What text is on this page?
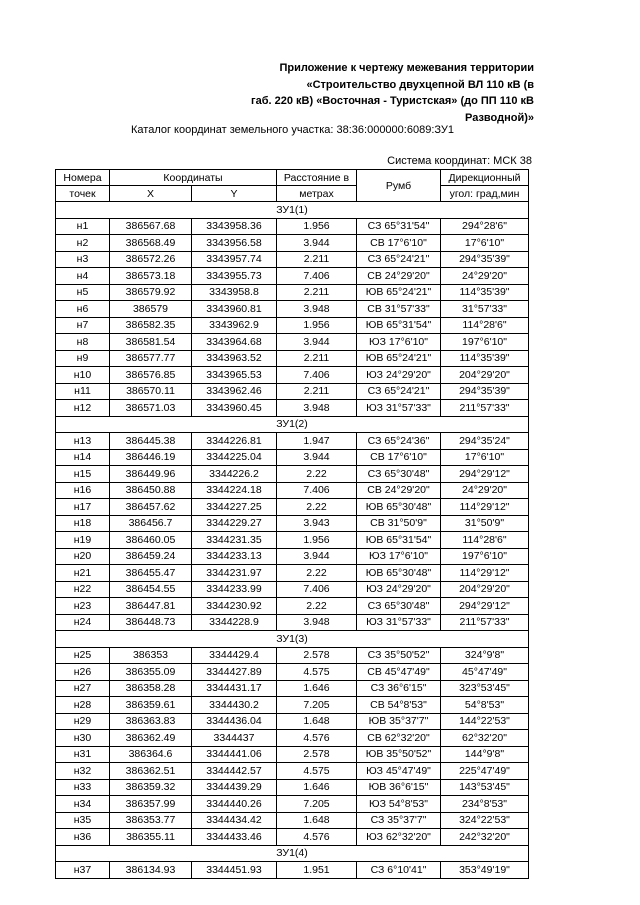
Приложение к чертежу межевания территории
«Строительство двухцепной ВЛ 110 кВ (в
габ. 220 кВ) «Восточная - Туристская» (до ПП 110 кВ
Разводной)»
Каталог координат земельного участка: 38:36:000000:6089:ЗУ1
Система координат: МСК 38
Номера	Координаты		Расстояние в	Румб	Дирекционный
точек	X	Y	метрах		угол: град,мин
ЗУ1(1)					
н1	386567.68	3343958.36	1.956	СЗ 65°31'54"	294°28'6"
н2	386568.49	3343956.58	3.944	СВ 17°6'10"	17°6'10"
н3	386572.26	3343957.74	2.211	СЗ 65°24'21"	294°35'39"
н4	386573.18	3343955.73	7.406	СВ 24°29'20"	24°29'20"
н5	386579.92	3343958.8	2.211	ЮВ 65°24'21"	114°35'39"
н6	386579	3343960.81	3.948	СВ 31°57'33"	31°57'33"
н7	386582.35	3343962.9	1.956	ЮВ 65°31'54"	114°28'6"
н8	386581.54	3343964.68	3.944	ЮЗ 17°6'10"	197°6'10"
н9	386577.77	3343963.52	2.211	ЮВ 65°24'21"	114°35'39"
н10	386576.85	3343965.53	7.406	ЮЗ 24°29'20"	204°29'20"
н11	386570.11	3343962.46	2.211	СЗ 65°24'21"	294°35'39"
н12	386571.03	3343960.45	3.948	ЮЗ 31°57'33"	211°57'33"
ЗУ1(2)					
н13	386445.38	3344226.81	1.947	СЗ 65°24'36"	294°35'24"
н14	386446.19	3344225.04	3.944	СВ 17°6'10"	17°6'10"
н15	386449.96	3344226.2	2.22	СЗ 65°30'48"	294°29'12"
н16	386450.88	3344224.18	7.406	СВ 24°29'20"	24°29'20"
н17	386457.62	3344227.25	2.22	ЮВ 65°30'48"	114°29'12"
н18	386456.7	3344229.27	3.943	СВ 31°50'9"	31°50'9"
н19	386460.05	3344231.35	1.956	ЮВ 65°31'54"	114°28'6"
н20	386459.24	3344233.13	3.944	ЮЗ 17°6'10"	197°6'10"
н21	386455.47	3344231.97	2.22	ЮВ 65°30'48"	114°29'12"
н22	386454.55	3344233.99	7.406	ЮЗ 24°29'20"	204°29'20"
н23	386447.81	3344230.92	2.22	СЗ 65°30'48"	294°29'12"
н24	386448.73	3344228.9	3.948	ЮЗ 31°57'33"	211°57'33"
ЗУ1(3)					
н25	386353	3344429.4	2.578	СЗ 35°50'52"	324°9'8"
н26	386355.09	3344427.89	4.575	СВ 45°47'49"	45°47'49"
н27	386358.28	3344431.17	1.646	СЗ 36°6'15"	323°53'45"
н28	386359.61	3344430.2	7.205	СВ 54°8'53"	54°8'53"
н29	386363.83	3344436.04	1.648	ЮВ 35°37'7"	144°22'53"
н30	386362.49	3344437	4.576	СВ 62°32'20"	62°32'20"
н31	386364.6	3344441.06	2.578	ЮВ 35°50'52"	144°9'8"
н32	386362.51	3344442.57	4.575	ЮЗ 45°47'49"	225°47'49"
н33	386359.32	3344439.29	1.646	ЮВ 36°6'15"	143°53'45"
н34	386357.99	3344440.26	7.205	ЮЗ 54°8'53"	234°8'53"
н35	386353.77	3344434.42	1.648	СЗ 35°37'7"	324°22'53"
н36	386355.11	3344433.46	4.576	ЮЗ 62°32'20"	242°32'20"
ЗУ1(4)					
н37	386134.93	3344451.93	1.951	СЗ 6°10'41"	353°49'19"
